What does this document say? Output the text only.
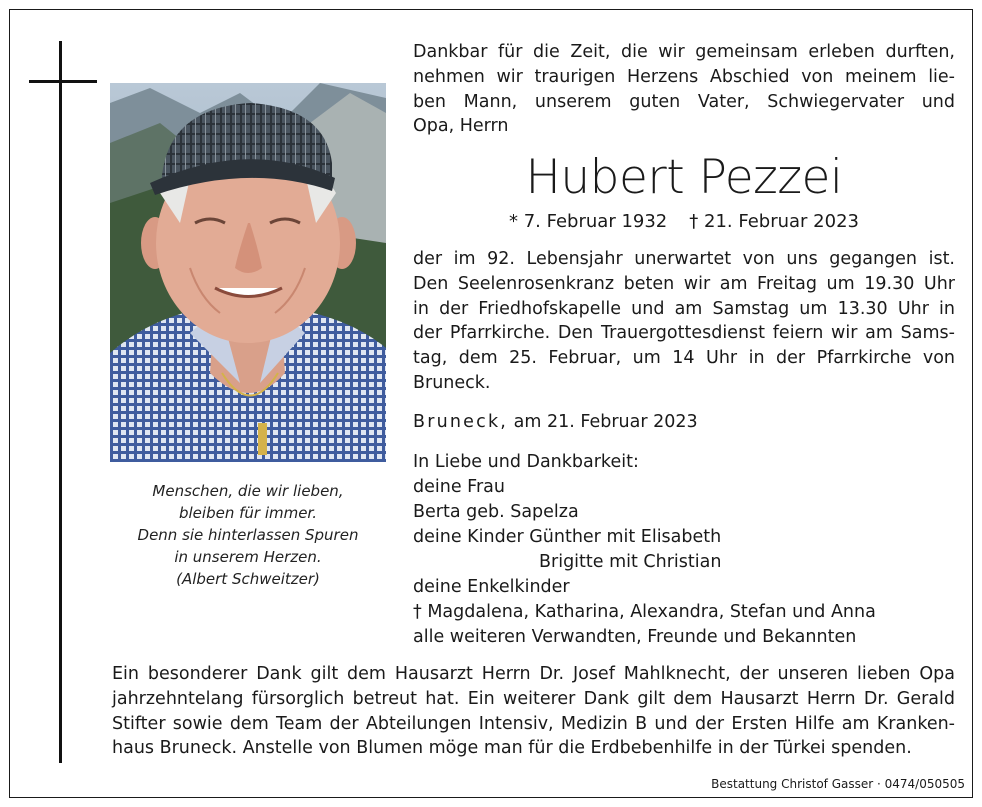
Menschen, die wir lieben,
bleiben für immer.
Denn sie hinterlassen Spuren
in unserem Herzen.
(Albert Schweitzer)
Dankbar für die Zeit, die wir gemeinsam erleben durften,
nehmen wir traurigen Herzens Abschied von meinem lie-
ben Mann, unserem guten Vater, Schwiegervater und
Opa, Herrn
Hubert Pezzei
* 7. Februar 1932 † 21. Februar 2023
der im 92. Lebensjahr unerwartet von uns gegangen ist.
Den Seelenrosenkranz beten wir am Freitag um 19.30 Uhr
in der Friedhofskapelle und am Samstag um 13.30 Uhr in
der Pfarrkirche. Den Trauergottesdienst feiern wir am Sams-
tag, dem 25. Februar, um 14 Uhr in der Pfarrkirche von
Bruneck.
Bruneck, am 21. Februar 2023
In Liebe und Dankbarkeit:
deine Frau
Berta geb. Sapelza
deine Kinder Günther mit Elisabeth
Brigitte mit Christian
deine Enkelkinder
† Magdalena, Katharina, Alexandra, Stefan und Anna
alle weiteren Verwandten, Freunde und Bekannten
Ein besonderer Dank gilt dem Hausarzt Herrn Dr. Josef Mahlknecht, der unseren lieben Opa
jahrzehntelang fürsorglich betreut hat. Ein weiterer Dank gilt dem Hausarzt Herrn Dr. Gerald
Stifter sowie dem Team der Abteilungen Intensiv, Medizin B und der Ersten Hilfe am Kranken-
haus Bruneck. Anstelle von Blumen möge man für die Erdbebenhilfe in der Türkei spenden.
Bestattung Christof Gasser · 0474/050505
